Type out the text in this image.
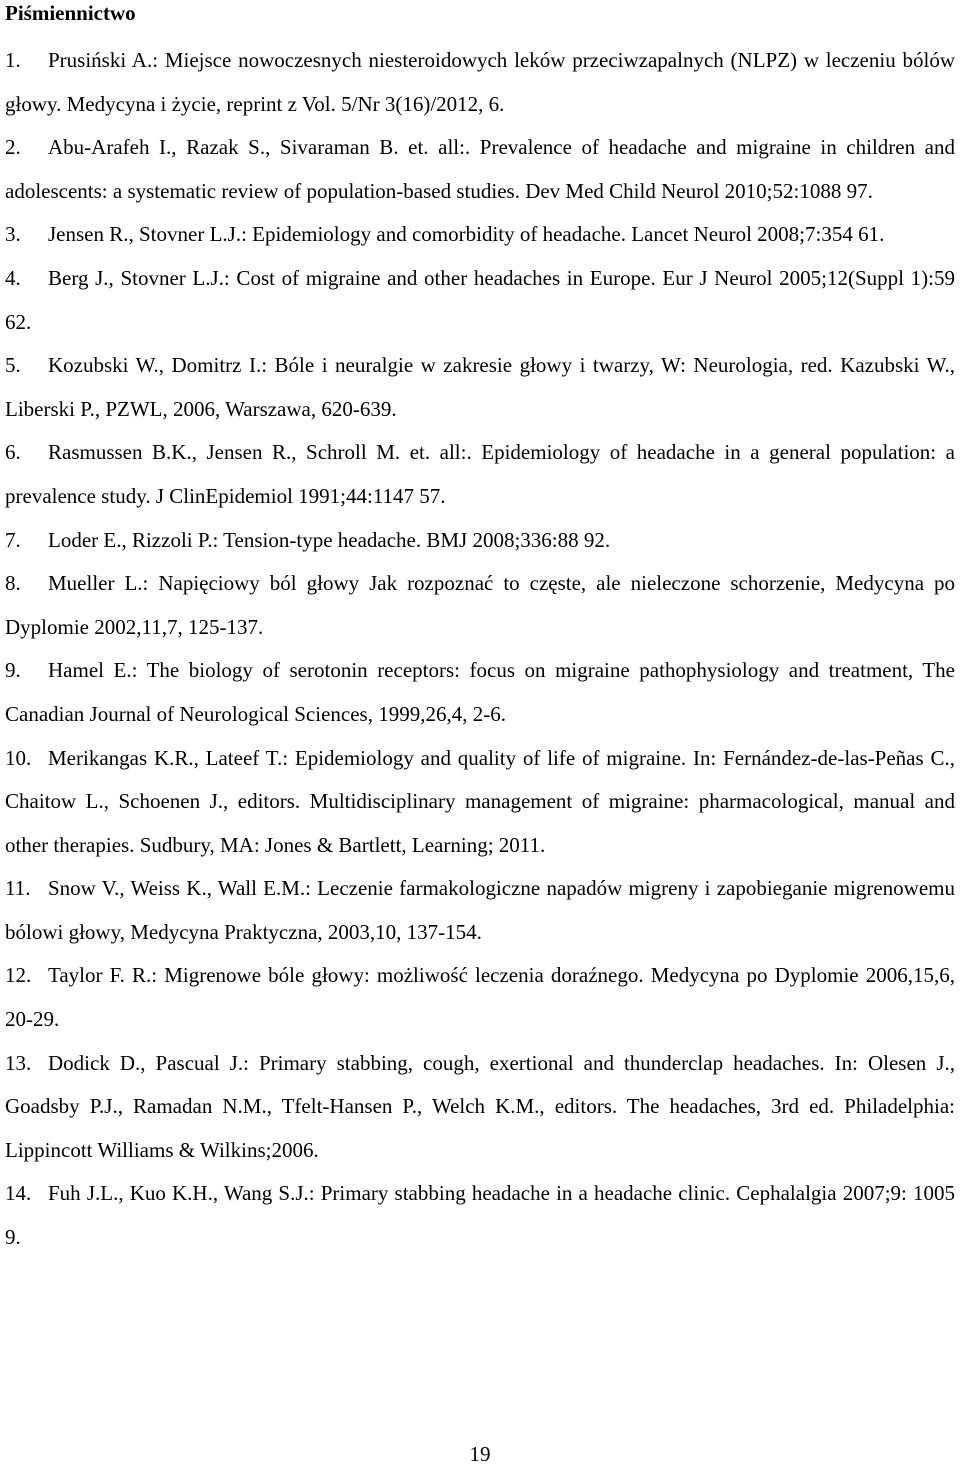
Piśmiennictwo
1. Prusiński A.: Miejsce nowoczesnych niesteroidowych leków przeciwzapalnych (NLPZ) w leczeniu bólów głowy. Medycyna i życie, reprint z Vol. 5/Nr 3(16)/2012, 6.
2. Abu-Arafeh I., Razak S., Sivaraman B. et. all:. Prevalence of headache and migraine in children and adolescents: a systematic review of population-based studies. Dev Med Child Neurol 2010;52:1088 97.
3. Jensen R., Stovner L.J.: Epidemiology and comorbidity of headache. Lancet Neurol 2008;7:354 61.
4. Berg J., Stovner L.J.: Cost of migraine and other headaches in Europe. Eur J Neurol 2005;12(Suppl 1):59 62.
5. Kozubski W., Domitrz I.: Bóle i neuralgie w zakresie głowy i twarzy, W: Neurologia, red. Kazubski W., Liberski P., PZWL, 2006, Warszawa, 620-639.
6. Rasmussen B.K., Jensen R., Schroll M. et. all:. Epidemiology of headache in a general population: a prevalence study. J ClinEpidemiol 1991;44:1147 57.
7. Loder E., Rizzoli P.: Tension-type headache. BMJ 2008;336:88 92.
8. Mueller L.: Napięciowy ból głowy Jak rozpoznać to częste, ale nieleczone schorzenie, Medycyna po Dyplomie 2002,11,7, 125-137.
9. Hamel E.: The biology of serotonin receptors: focus on migraine pathophysiology and treatment, The Canadian Journal of Neurological Sciences, 1999,26,4, 2-6.
10. Merikangas K.R., Lateef T.: Epidemiology and quality of life of migraine. In: Fernández-de-las-Peñas C., Chaitow L., Schoenen J., editors. Multidisciplinary management of migraine: pharmacological, manual and other therapies. Sudbury, MA: Jones & Bartlett, Learning; 2011.
11. Snow V., Weiss K., Wall E.M.: Leczenie farmakologiczne napadów migreny i zapobieganie migrenowemu bólowi głowy, Medycyna Praktyczna, 2003,10, 137-154.
12. Taylor F. R.: Migrenowe bóle głowy: możliwość leczenia doraźnego. Medycyna po Dyplomie 2006,15,6, 20-29.
13. Dodick D., Pascual J.: Primary stabbing, cough, exertional and thunderclap headaches. In: Olesen J., Goadsby P.J., Ramadan N.M., Tfelt-Hansen P., Welch K.M., editors. The headaches, 3rd ed. Philadelphia: Lippincott Williams & Wilkins;2006.
14. Fuh J.L., Kuo K.H., Wang S.J.: Primary stabbing headache in a headache clinic. Cephalalgia 2007;9: 1005 9.
19
